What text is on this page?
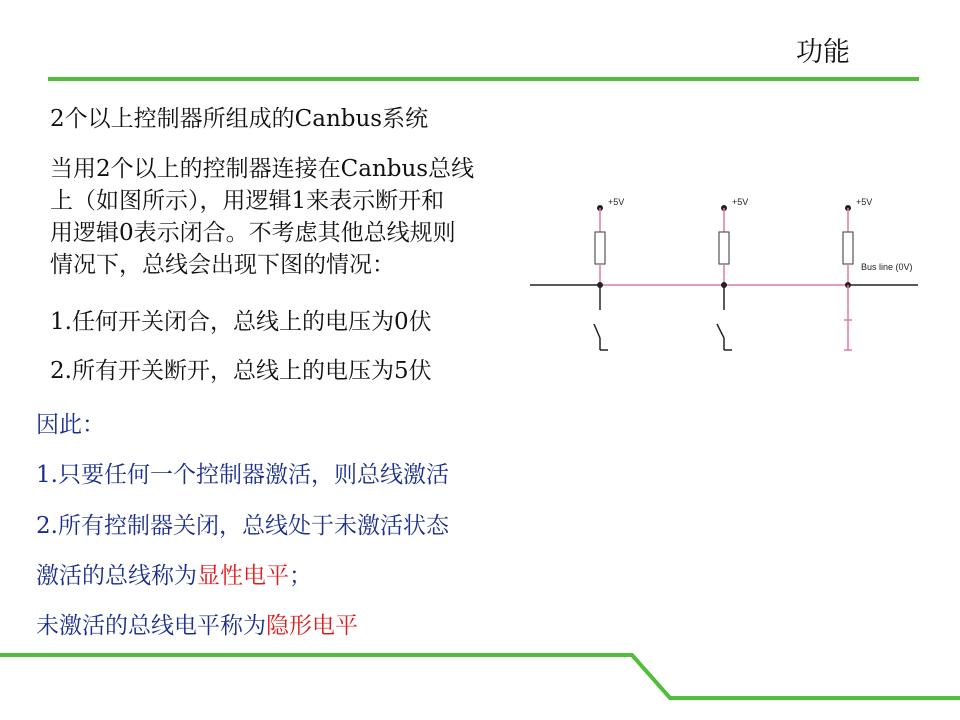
功能
2个以上控制器所组成的Canbus系统
当用2个以上的控制器连接在Canbus总线
上（如图所示），用逻辑1来表示断开和
用逻辑0表示闭合。不考虑其他总线规则
情况下，总线会出现下图的情况：
1.任何开关闭合，总线上的电压为0伏
2.所有开关断开，总线上的电压为5伏
因此：
1.只要任何一个控制器激活，则总线激活
2.所有控制器关闭，总线处于未激活状态
激活的总线称为显性电平；
未激活的总线电平称为隐形电平
+5V	+5V	+5V
Bus line (0V)
